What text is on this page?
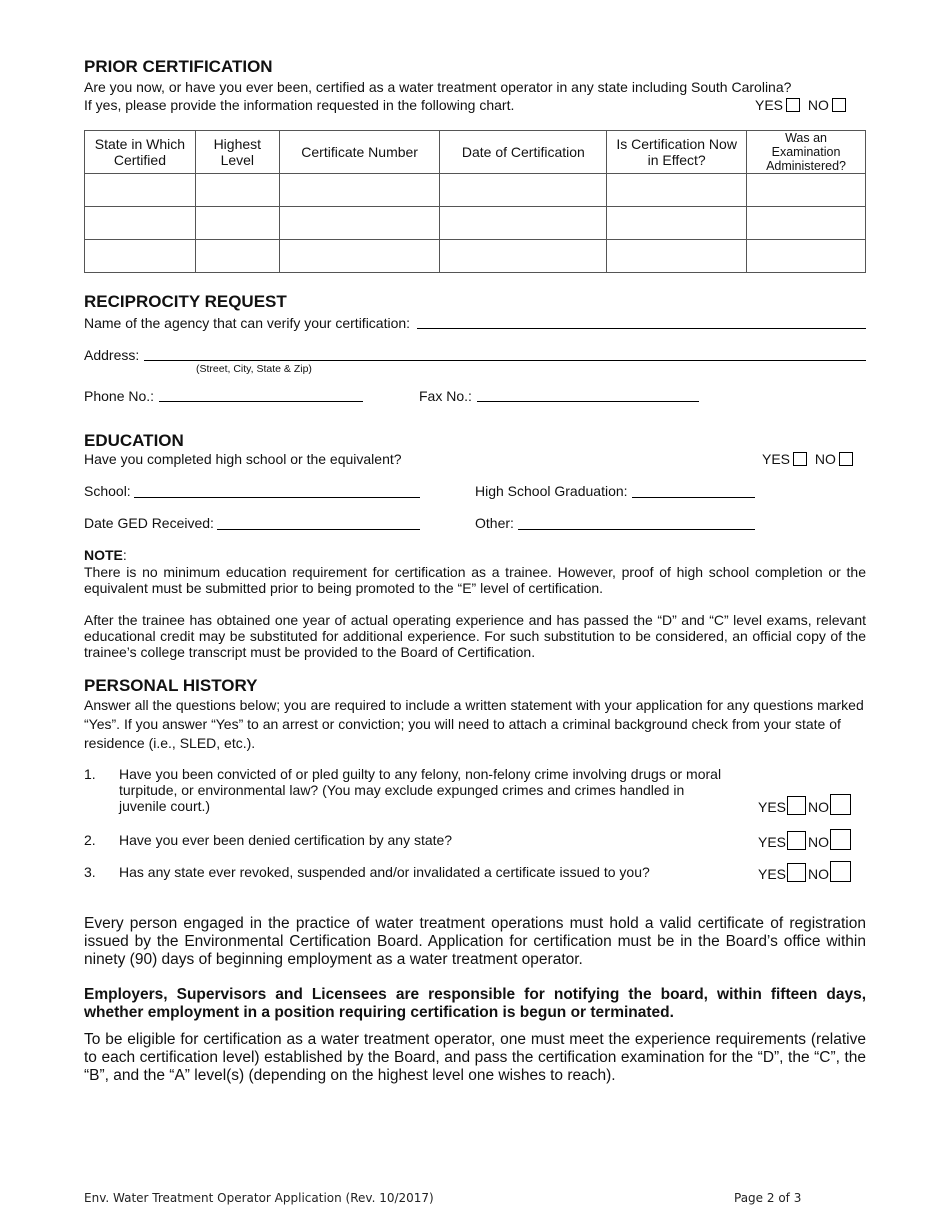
PRIOR CERTIFICATION
Are you now, or have you ever been, certified as a water treatment operator in any state including South Carolina?
If yes, please provide the information requested in the following chart.	YES NO
State in Which Certified	Highest Level	Certificate Number	Date of Certification	Is Certification Now in Effect?	Was an Examination Administered?

RECIPROCITY REQUEST
Name of the agency that can verify your certification:
Address:
(Street, City, State & Zip)
Phone No.:	Fax No.:
EDUCATION
Have you completed high school or the equivalent?	YES NO
School:	High School Graduation:
Date GED Received:	Other:
NOTE:
There is no minimum education requirement for certification as a trainee. However, proof of high school completion or the equivalent must be submitted prior to being promoted to the “E” level of certification.
After the trainee has obtained one year of actual operating experience and has passed the “D” and “C” level exams, relevant educational credit may be substituted for additional experience. For such substitution to be considered, an official copy of the trainee’s college transcript must be provided to the Board of Certification.
PERSONAL HISTORY
Answer all the questions below; you are required to include a written statement with your application for any questions marked “Yes”. If you answer “Yes” to an arrest or conviction; you will need to attach a criminal background check from your state of residence (i.e., SLED, etc.).
1. Have you been convicted of or pled guilty to any felony, non-felony crime involving drugs or moral turpitude, or environmental law? (You may exclude expunged crimes and crimes handled in juvenile court.)	YES NO
2. Have you ever been denied certification by any state?	YES NO
3. Has any state ever revoked, suspended and/or invalidated a certificate issued to you?	YES NO
Every person engaged in the practice of water treatment operations must hold a valid certificate of registration issued by the Environmental Certification Board. Application for certification must be in the Board’s office within ninety (90) days of beginning employment as a water treatment operator.
Employers, Supervisors and Licensees are responsible for notifying the board, within fifteen days, whether employment in a position requiring certification is begun or terminated.
To be eligible for certification as a water treatment operator, one must meet the experience requirements (relative to each certification level) established by the Board, and pass the certification examination for the “D”, the “C”, the “B”, and the “A” level(s) (depending on the highest level one wishes to reach).
Env. Water Treatment Operator Application (Rev. 10/2017)	Page 2 of 3
